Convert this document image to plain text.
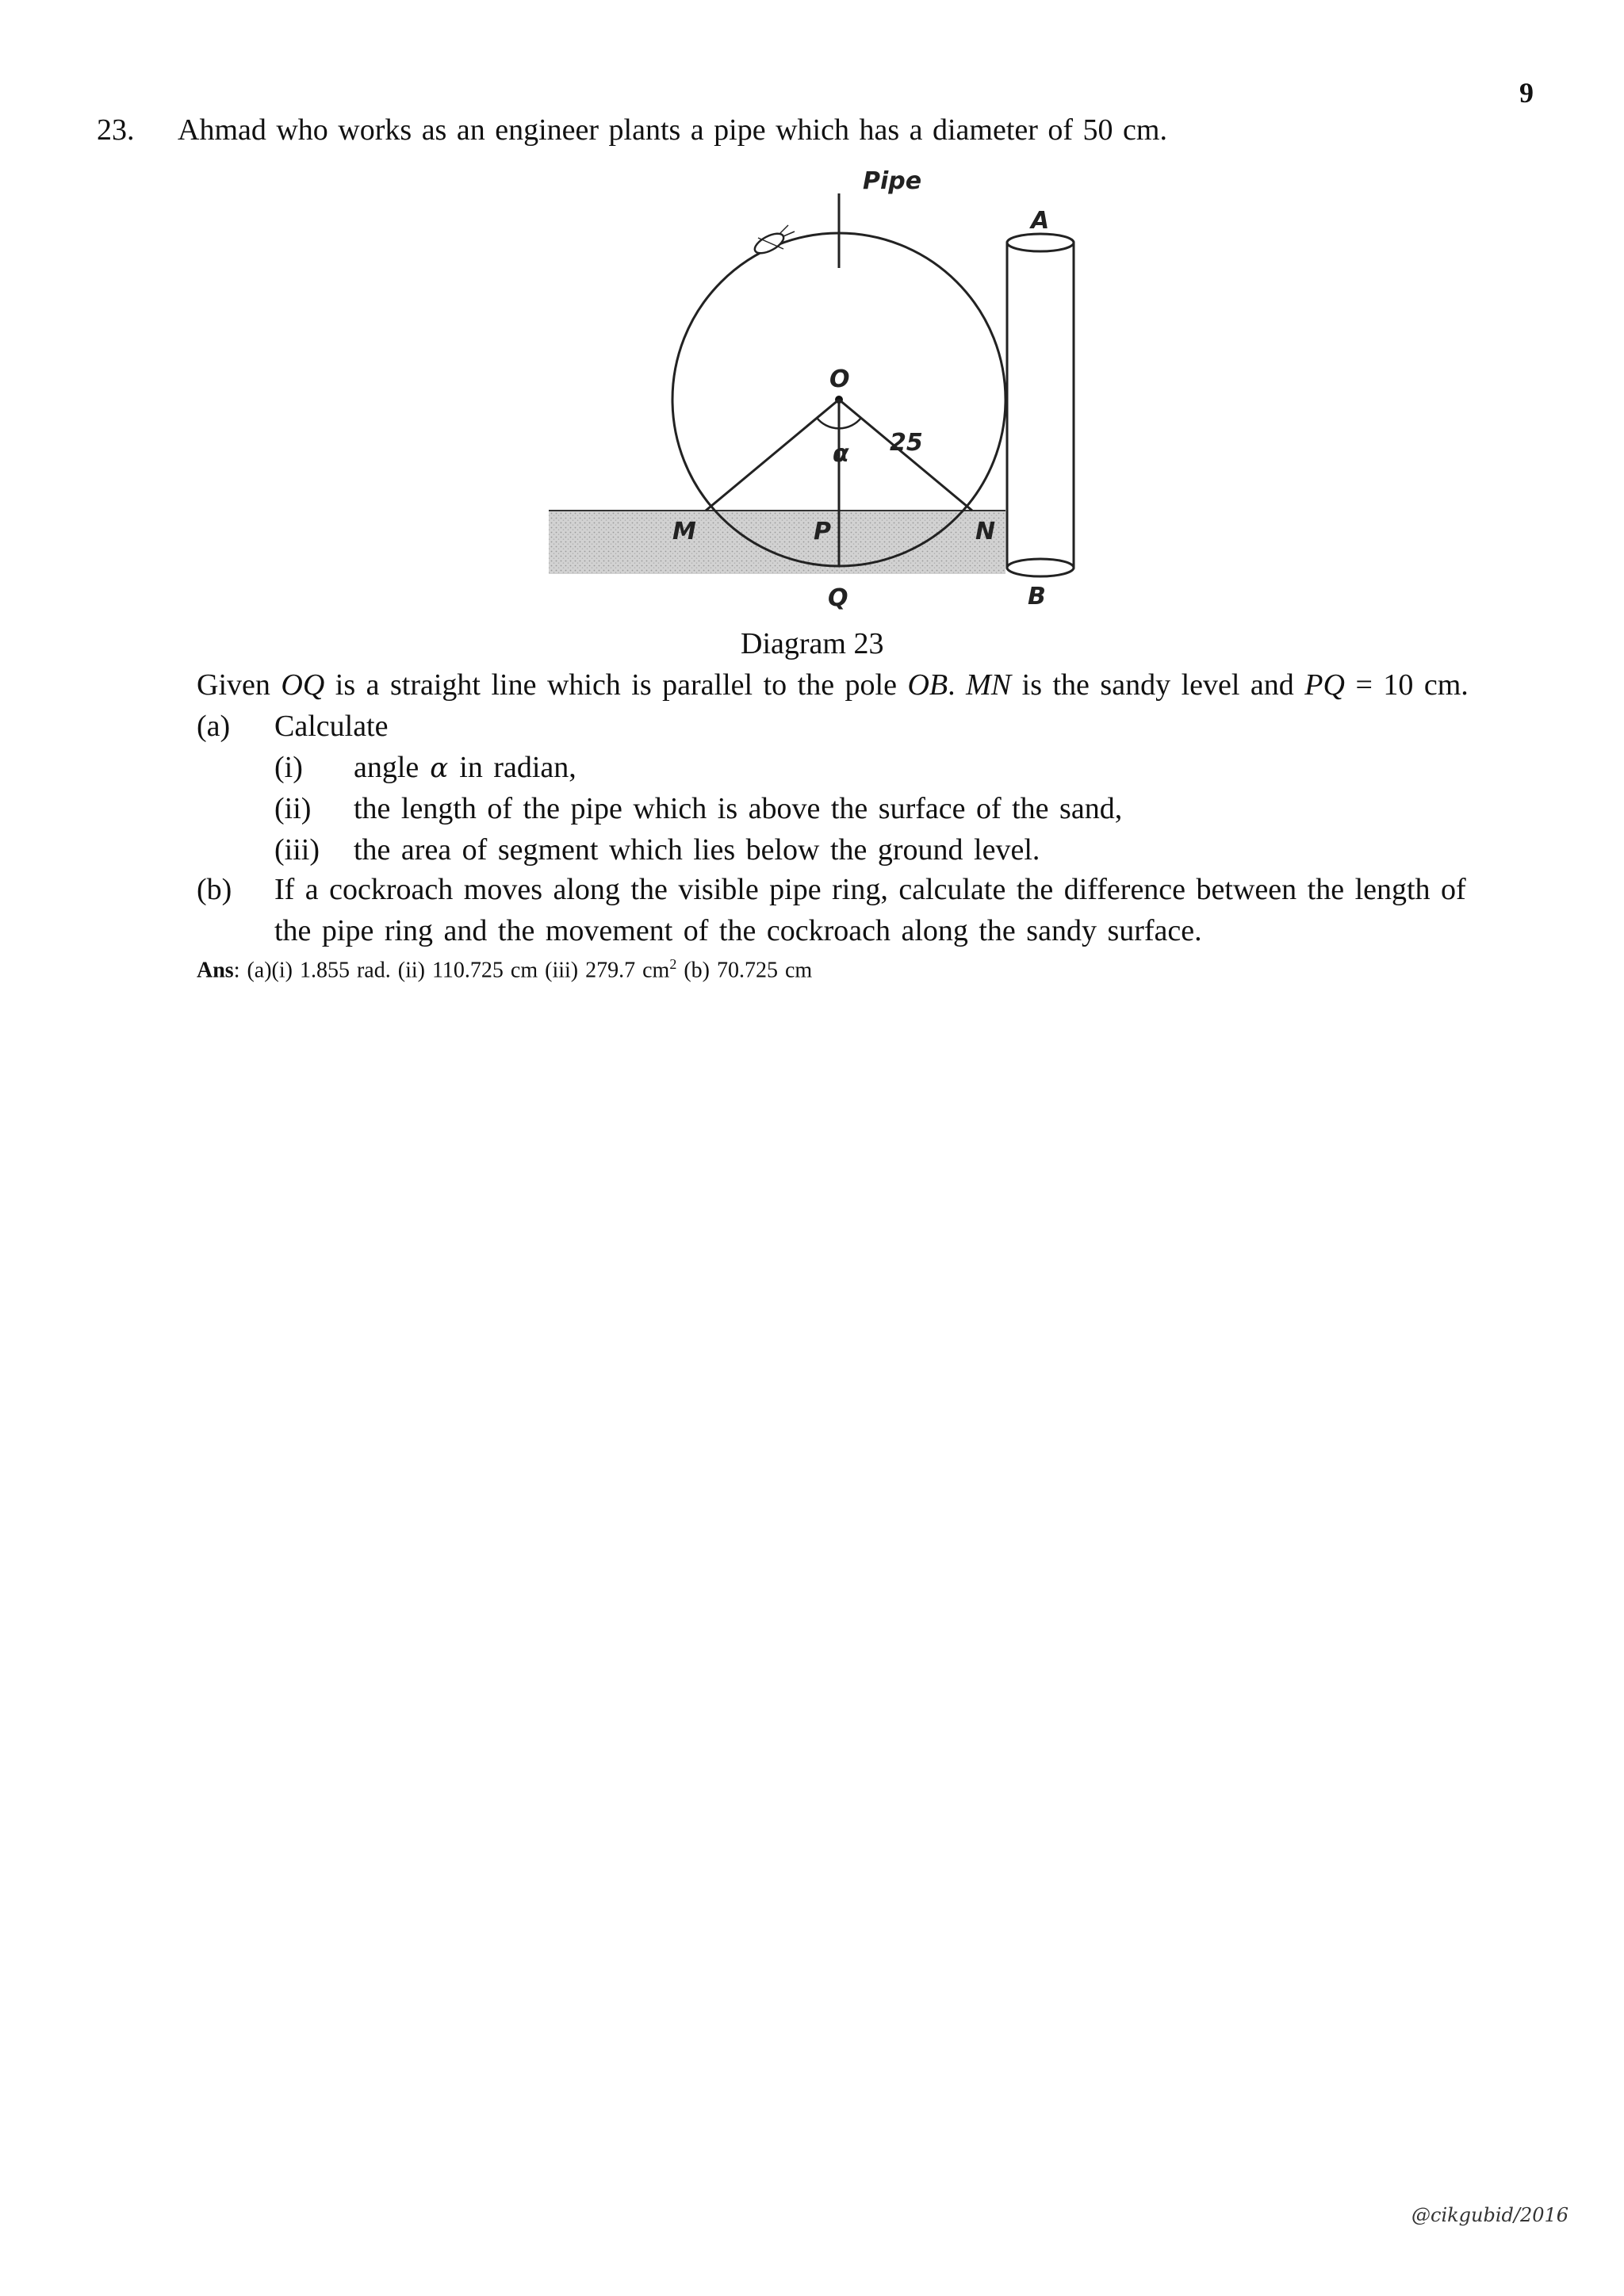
9
23. Ahmad who works as an engineer plants a pipe which has a diameter of 50 cm.
Pipe
A
B
O
α 25
M	P	N
Q
Diagram 23
Given OQ is a straight line which is parallel to the pole OB. MN is the sandy level and PQ = 10 cm.
(a) Calculate
(i) angle α in radian,
(ii) the length of the pipe which is above the surface of the sand,
(iii) the area of segment which lies below the ground level.
(b) If a cockroach moves along the visible pipe ring, calculate the difference between the length of
the pipe ring and the movement of the cockroach along the sandy surface.
Ans: (a)(i) 1.855 rad. (ii) 110.725 cm (iii) 279.7 $cm^2$ (b) 70.725 cm
@cikgubid/2016
